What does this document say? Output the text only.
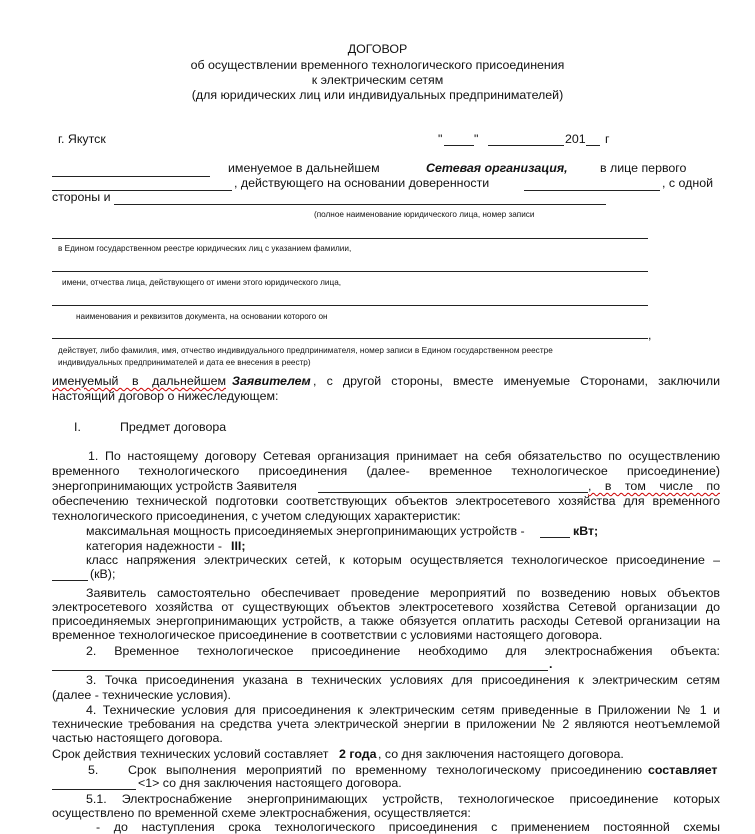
ДОГОВОР
об осуществлении временного технологического присоединения
к электрическим сетям
(для юридических лиц или индивидуальных предпринимателей)
г. Якутск	"	"	201 г
именуемое в дальнейшем	Сетевая организация,	в лице первого
, действующего на основании доверенности	, с одной
стороны и
(полное наименование юридического лица, номер записи
в Едином государственном реестре юридических лиц с указанием фамилии,
имени, отчества лица, действующего от имени этого юридического лица,
наименования и реквизитов документа, на основании которого он
,
действует, либо фамилия, имя, отчество индивидуального предпринимателя, номер записи в Едином государственном реестре
индивидуальных предпринимателей и дата ее внесения в реестр)
именуемый в дальнейшем Заявителем , с другой стороны, вместе именуемые Сторонами, заключили
настоящий договор о нижеследующем:
I.	Предмет договора
1. По настоящему договору Сетевая организация принимает на себя обязательство по осуществлению
временного технологического присоединения (далее- временное технологическое присоединение)
энергопринимающих устройств Заявителя	, в том числе по
обеспечению технической подготовки соответствующих объектов электросетевого хозяйства для временного
технологического присоединения, с учетом следующих характеристик:
максимальная мощность присоединяемых энергопринимающих устройств -	кВт;
категория надежности - III;
класс напряжения электрических сетей, к которым осуществляется технологическое присоединение –
(кВ);
Заявитель самостоятельно обеспечивает проведение мероприятий по возведению новых объектов
электросетевого хозяйства от существующих объектов электросетевого хозяйства Сетевой организации до
присоединяемых энергопринимающих устройств, а также обязуется оплатить расходы Сетевой организации на
временное технологическое присоединение в соответствии с условиями настоящего договора.
2. Временное технологическое присоединение необходимо для электроснабжения объекта:
.
3. Точка присоединения указана в технических условиях для присоединения к электрическим сетям
(далее - технические условия).
4. Технические условия для присоединения к электрическим сетям приведенные в Приложении № 1 и
технические требования на средства учета электрической энергии в приложении № 2 являются неотъемлемой
частью настоящего договора.
Срок действия технических условий составляет 2 года , со дня заключения настоящего договора.
5. Срок выполнения мероприятий по временному технологическому присоединению составляет
<1> со дня заключения настоящего договора.
5.1. Электроснабжение энергопринимающих устройств, технологическое присоединение которых
осуществлено по временной схеме электроснабжения, осуществляется:
- до наступления срока технологического присоединения с применением постоянной схемы
